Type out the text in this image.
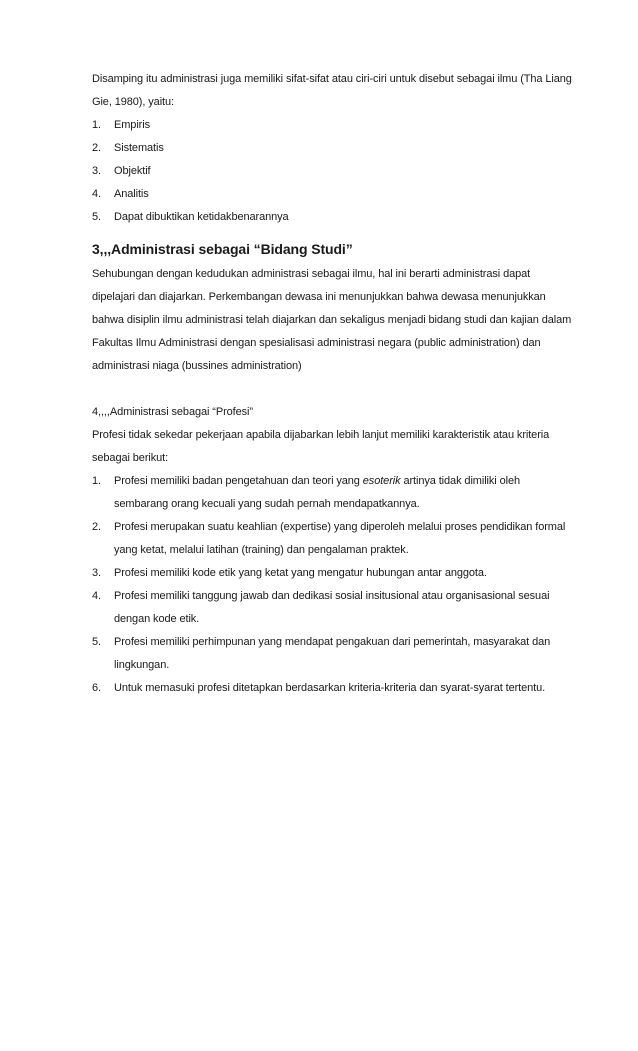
Disamping itu administrasi juga memiliki sifat-sifat atau ciri-ciri untuk disebut sebagai ilmu (Tha Liang Gie, 1980), yaitu:

1. Empiris
2. Sistematis
3. Objektif
4. Analitis
5. Dapat dibuktikan ketidakbenarannya

3,,,Administrasi sebagai “Bidang Studi”

Sehubungan dengan kedudukan administrasi sebagai ilmu, hal ini berarti administrasi dapat dipelajari dan diajarkan. Perkembangan dewasa ini menunjukkan bahwa dewasa menunjukkan bahwa disiplin ilmu administrasi telah diajarkan dan sekaligus menjadi bidang studi dan kajian dalam Fakultas Ilmu Administrasi dengan spesialisasi administrasi negara (public administration) dan administrasi niaga (bussines administration)

4,,,,Administrasi sebagai “Profesi”

Profesi tidak sekedar pekerjaan apabila dijabarkan lebih lanjut memiliki karakteristik atau kriteria sebagai berikut:

1. Profesi memiliki badan pengetahuan dan teori yang esoterik artinya tidak dimiliki oleh sembarang orang kecuali yang sudah pernah mendapatkannya.
2. Profesi merupakan suatu keahlian (expertise) yang diperoleh melalui proses pendidikan formal yang ketat, melalui latihan (training) dan pengalaman praktek.
3. Profesi memiliki kode etik yang ketat yang mengatur hubungan antar anggota.
4. Profesi memiliki tanggung jawab dan dedikasi sosial insitusional atau organisasional sesuai dengan kode etik.
5. Profesi memiliki perhimpunan yang mendapat pengakuan dari pemerintah, masyarakat dan lingkungan.
6. Untuk memasuki profesi ditetapkan berdasarkan kriteria-kriteria dan syarat-syarat tertentu.
